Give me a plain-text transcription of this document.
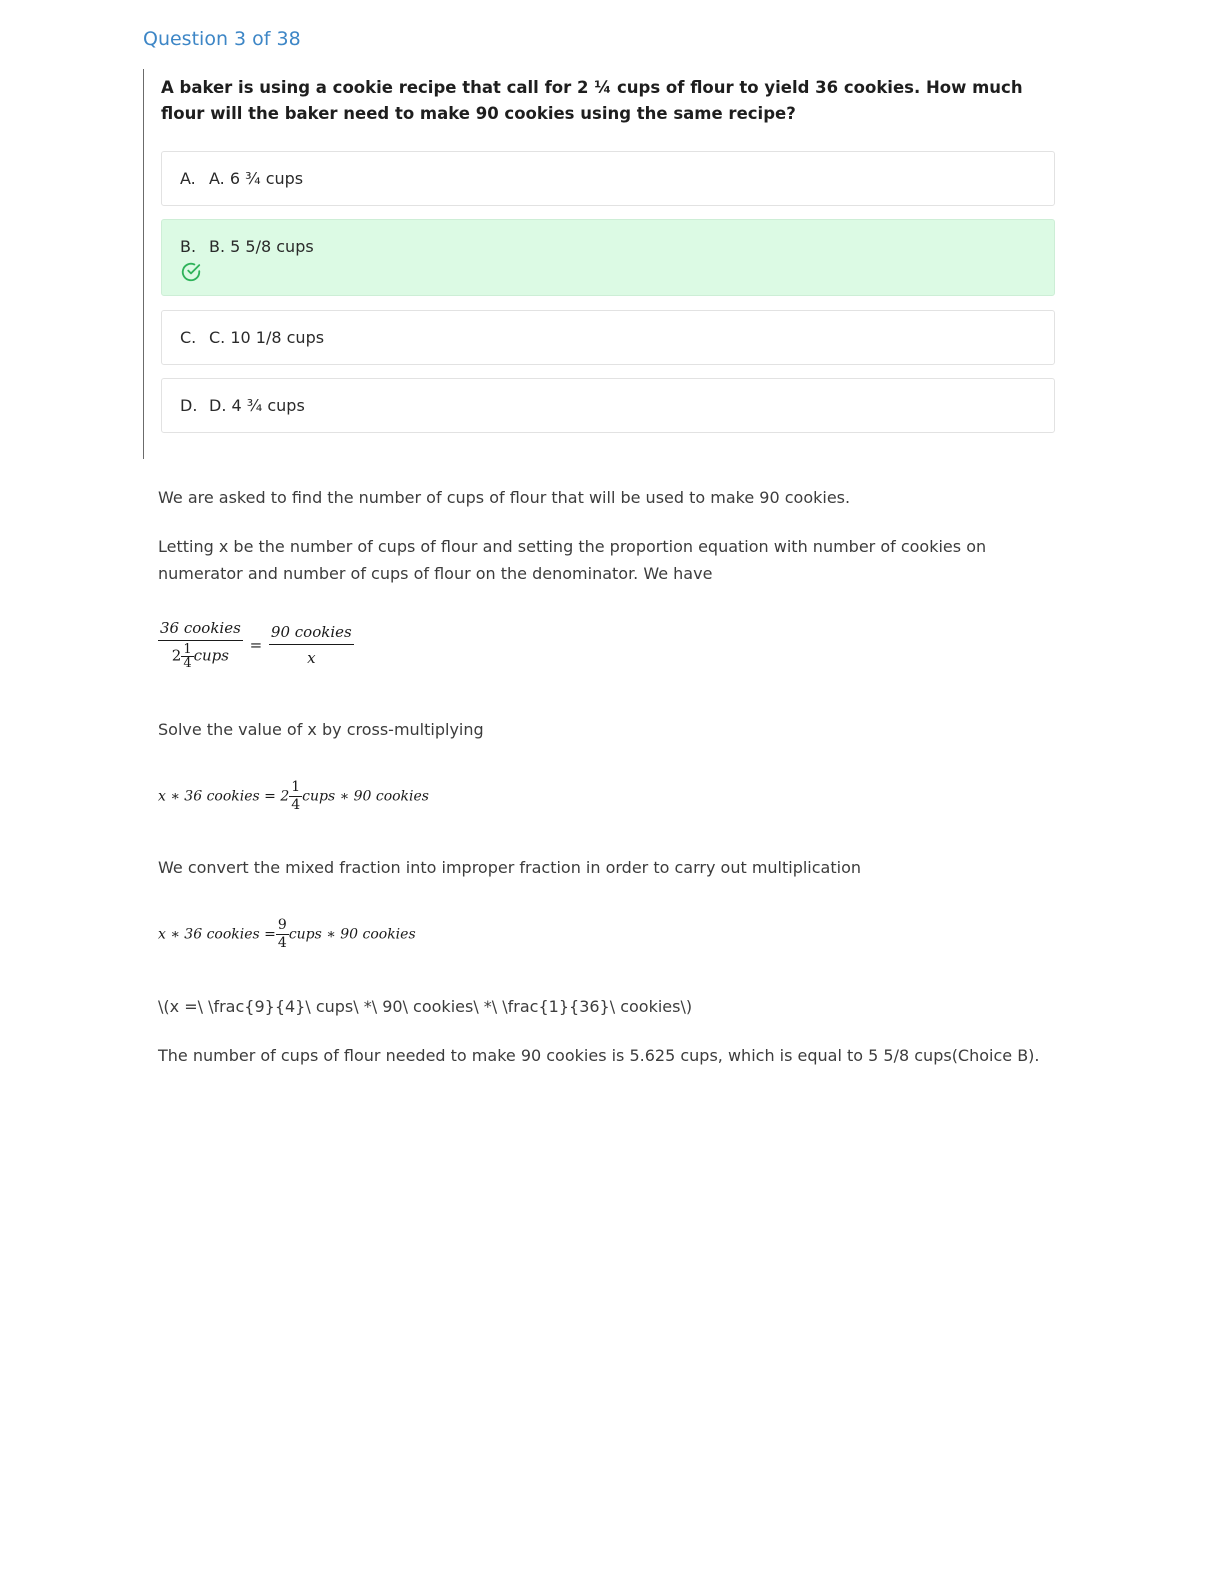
Question 3 of 38
A baker is using a cookie recipe that call for 2 ¼ cups of flour to yield 36 cookies. How much flour will the baker need to make 90 cookies using the same recipe?
A. A. 6 ¾ cups
B. B. 5 5/8 cups
C. C. 10 1/8 cups
D. D. 4 ¾ cups
We are asked to find the number of cups of flour that will be used to make 90 cookies.
Letting x be the number of cups of flour and setting the proportion equation with number of cookies on numerator and number of cups of flour on the denominator. We have
$\frac{\text{36 cookies}}{2 \frac{1}{4} cups} = \frac{\text{90 cookies}}{x}$
Solve the value of x by cross-multiplying
x ∗ 36 cookies = $2 \frac{1}{4}$ cups ∗ 90 cookies
We convert the mixed fraction into improper fraction in order to carry out multiplication
x ∗ 36 cookies = $\frac{9}{4}$ cups ∗ 90 cookies
\(x =\ \frac{9}{4}\ cups\ *\ 90\ cookies\ *\ \frac{1}{36}\ cookies\)
The number of cups of flour needed to make 90 cookies is 5.625 cups, which is equal to 5 5/8 cups(Choice B).
